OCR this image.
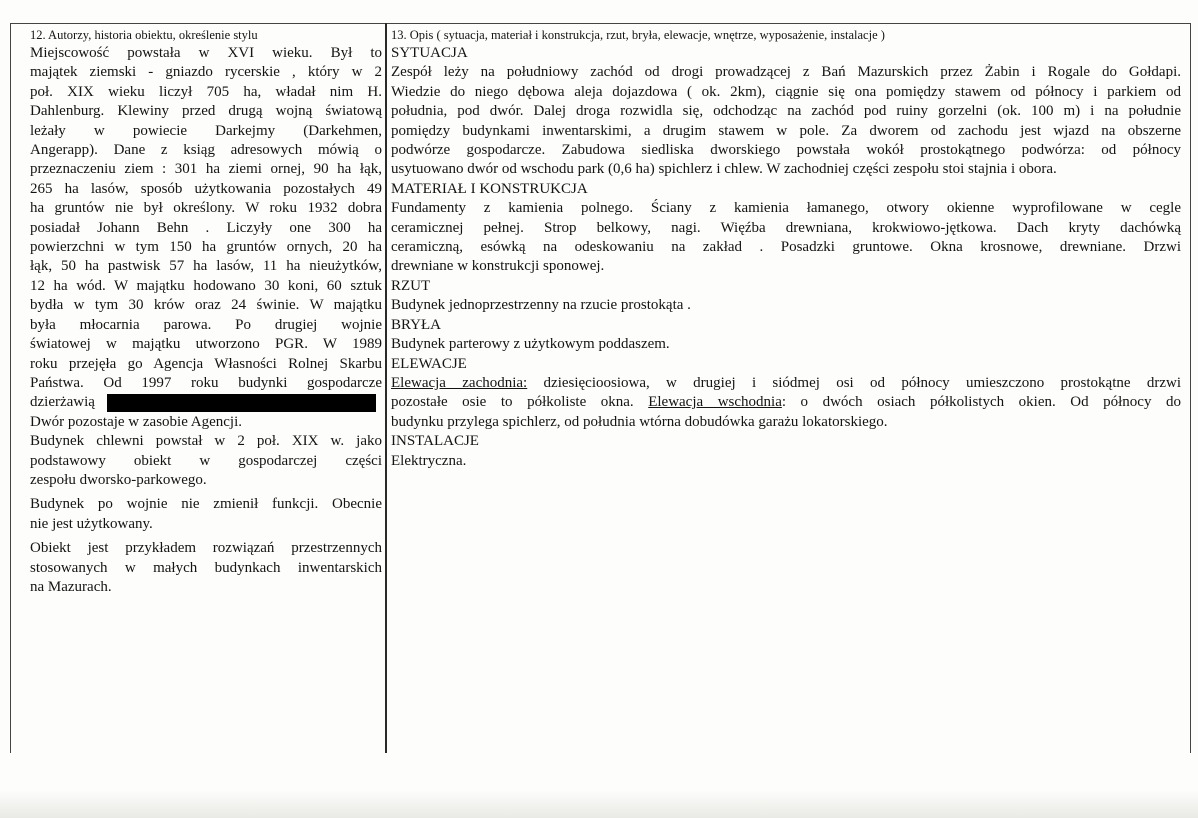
12. Autorzy, historia obiektu, określenie stylu
Miejscowość powstała w XVI wieku. Był to
majątek ziemski - gniazdo rycerskie , który w 2
poł. XIX wieku liczył 705 ha, władał nim H.
Dahlenburg. Klewiny przed drugą wojną światową
leżały w powiecie Darkejmy (Darkehmen,
Angerapp). Dane z ksiąg adresowych mówią o
przeznaczeniu ziem : 301 ha ziemi ornej, 90 ha łąk,
265 ha lasów, sposób użytkowania pozostałych 49
ha gruntów nie był określony. W roku 1932 dobra
posiadał Johann Behn . Liczyły one 300 ha
powierzchni w tym 150 ha gruntów ornych, 20 ha
łąk, 50 ha pastwisk 57 ha lasów, 11 ha nieużytków,
12 ha wód. W majątku hodowano 30 koni, 60 sztuk
bydła w tym 30 krów oraz 24 świnie. W majątku
była młocarnia parowa. Po drugiej wojnie
światowej w majątku utworzono PGR. W 1989
roku przejęła go Agencja Własności Rolnej Skarbu
Państwa. Od 1997 roku budynki gospodarcze
dzierżawią
Dwór pozostaje w zasobie Agencji.
Budynek chlewni powstał w 2 poł. XIX w. jako
podstawowy obiekt w gospodarczej części
zespołu dworsko-parkowego.
Budynek po wojnie nie zmienił funkcji. Obecnie
nie jest użytkowany.
Obiekt jest przykładem rozwiązań przestrzennych
stosowanych w małych budynkach inwentarskich
na Mazurach.
13. Opis ( sytuacja, materiał i konstrukcja, rzut, bryła, elewacje, wnętrze, wyposażenie, instalacje )
SYTUACJA
Zespół leży na południowy zachód od drogi prowadzącej z Bań Mazurskich przez Żabin i Rogale do Gołdapi.
Wiedzie do niego dębowa aleja dojazdowa ( ok. 2km), ciągnie się ona pomiędzy stawem od północy i parkiem od
południa, pod dwór. Dalej droga rozwidla się, odchodząc na zachód pod ruiny gorzelni (ok. 100 m) i na południe
pomiędzy budynkami inwentarskimi, a drugim stawem w pole. Za dworem od zachodu jest wjazd na obszerne
podwórze gospodarcze. Zabudowa siedliska dworskiego powstała wokół prostokątnego podwórza: od północy
usytuowano dwór od wschodu park (0,6 ha) spichlerz i chlew. W zachodniej części zespołu stoi stajnia i obora.
MATERIAŁ I KONSTRUKCJA
Fundamenty z kamienia polnego. Ściany z kamienia łamanego, otwory okienne wyprofilowane w cegle
ceramicznej pełnej. Strop belkowy, nagi. Więźba drewniana, krokwiowo-jętkowa. Dach kryty dachówką
ceramiczną, esówką na odeskowaniu na zakład . Posadzki gruntowe. Okna krosnowe, drewniane. Drzwi
drewniane w konstrukcji sponowej.
RZUT
Budynek jednoprzestrzenny na rzucie prostokąta .
BRYŁA
Budynek parterowy z użytkowym poddaszem.
ELEWACJE
Elewacja zachodnia: dziesięcioosiowa, w drugiej i siódmej osi od północy umieszczono prostokątne drzwi
pozostałe osie to półkoliste okna. Elewacja wschodnia: o dwóch osiach półkolistych okien. Od północy do
budynku przylega spichlerz, od południa wtórna dobudówka garażu lokatorskiego.
INSTALACJE
Elektryczna.
